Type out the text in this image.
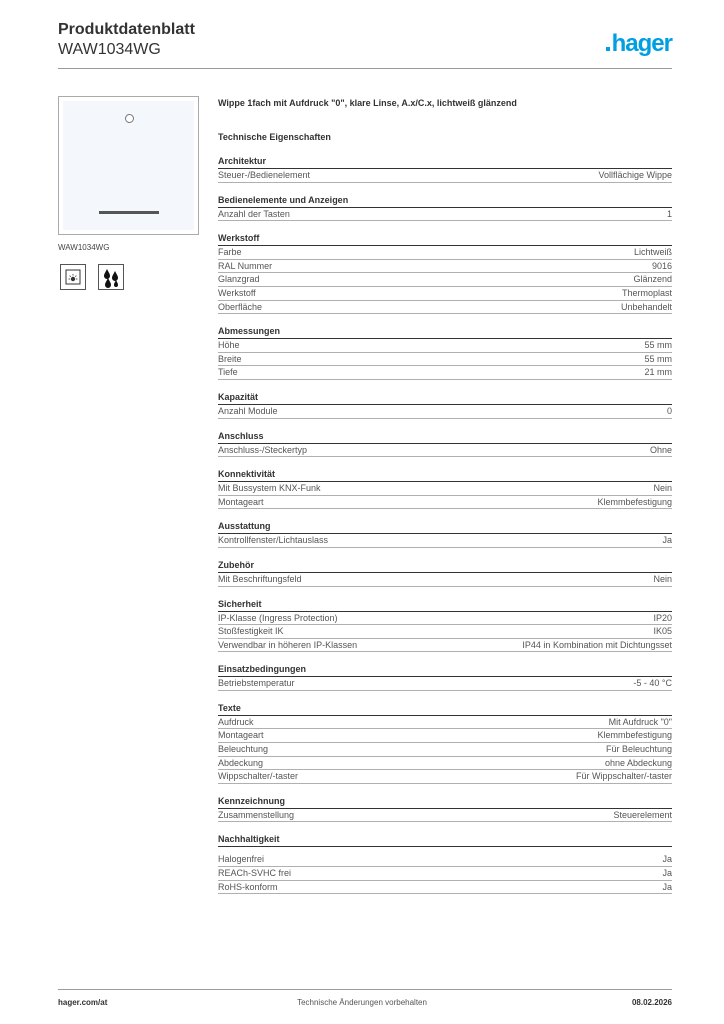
Produktdatenblatt
WAW1034WG	hager
WAW1034WG
Wippe 1fach mit Aufdruck "0", klare Linse, A.x/C.x, lichtweiß glänzend
Technische Eigenschaften
Architektur
Steuer-/Bedienelement	Vollflächige Wippe
Bedienelemente und Anzeigen
Anzahl der Tasten	1
Werkstoff
Farbe	Lichtweiß
RAL Nummer	9016
Glanzgrad	Glänzend
Werkstoff	Thermoplast
Oberfläche	Unbehandelt
Abmessungen
Höhe	55 mm
Breite	55 mm
Tiefe	21 mm
Kapazität
Anzahl Module	0
Anschluss
Anschluss-/Steckertyp	Ohne
Konnektivität
Mit Bussystem KNX-Funk	Nein
Montageart	Klemmbefestigung
Ausstattung
Kontrollfenster/Lichtauslass	Ja
Zubehör
Mit Beschriftungsfeld	Nein
Sicherheit
IP-Klasse (Ingress Protection)	IP20
Stoßfestigkeit IK	IK05
Verwendbar in höheren IP-Klassen	IP44 in Kombination mit Dichtungsset
Einsatzbedingungen
Betriebstemperatur	-5 - 40 °C
Texte
Aufdruck	Mit Aufdruck "0"
Montageart	Klemmbefestigung
Beleuchtung	Für Beleuchtung
Abdeckung	ohne Abdeckung
Wippschalter/-taster	Für Wippschalter/-taster
Kennzeichnung
Zusammenstellung	Steuerelement
Nachhaltigkeit
Halogenfrei	Ja
REACh-SVHC frei	Ja
RoHS-konform	Ja
hager.com/at	Technische Änderungen vorbehalten	08.02.2026
